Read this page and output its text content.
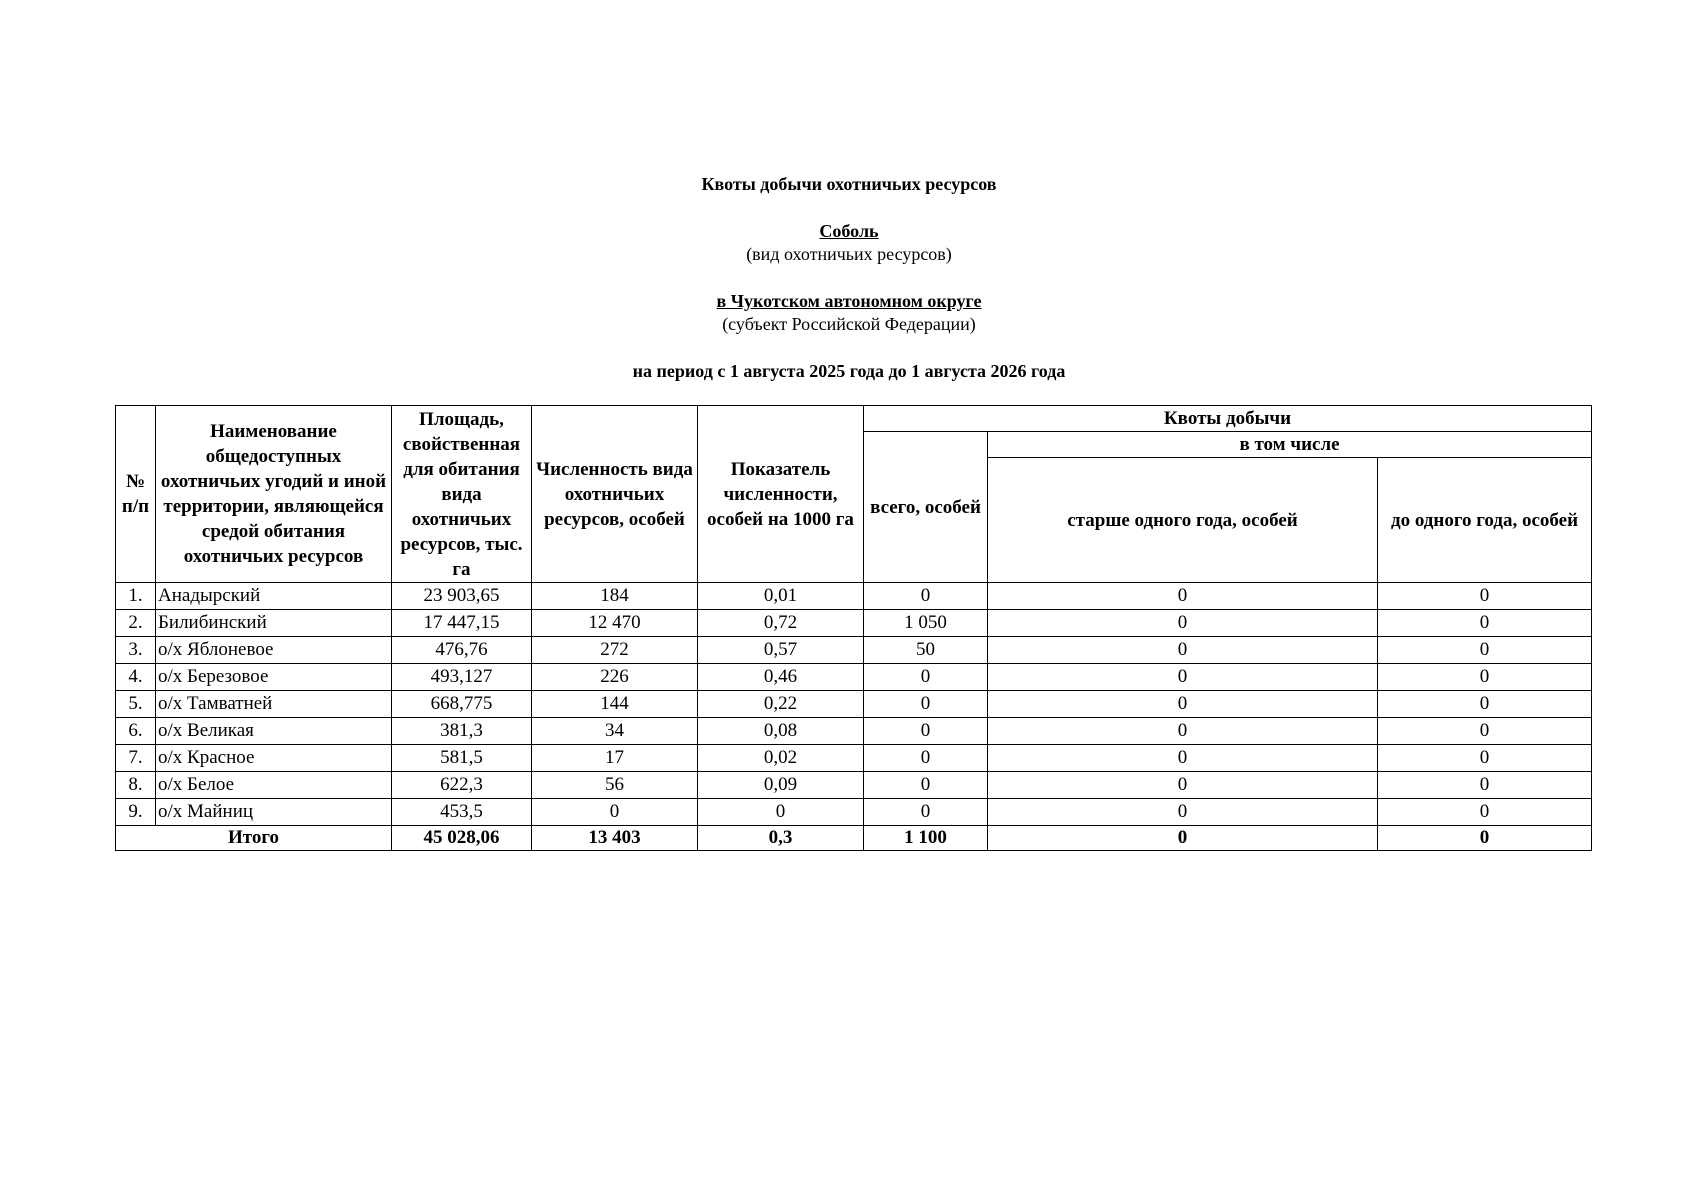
Квоты добычи охотничьих ресурсов

Соболь

(вид охотничьих ресурсов)

в Чукотском автономном округе

(субъект Российской Федерации)

на период с 1 августа 2025 года до 1 августа 2026 года

№ п/п	Наименование общедоступных охотничьих угодий и иной территории, являющейся средой обитания охотничьих ресурсов	Площадь, свойственная для обитания вида охотничьих ресурсов, тыс. га	Численность вида охотничьих ресурсов, особей	Показатель численности, особей на 1000 га	Квоты добычи		
					всего, особей	в том числе	
						старше одного года, особей	до одного года, особей
1.	Анадырский	23 903,65	184	0,01	0	0	0
2.	Билибинский	17 447,15	12 470	0,72	1 050	0	0
3.	о/х Яблоневое	476,76	272	0,57	50	0	0
4.	о/х Березовое	493,127	226	0,46	0	0	0
5.	о/х Тамватней	668,775	144	0,22	0	0	0
6.	о/х Великая	381,3	34	0,08	0	0	0
7.	о/х Красное	581,5	17	0,02	0	0	0
8.	о/х Белое	622,3	56	0,09	0	0	0
9.	о/х Майниц	453,5	0	0	0	0	0
Итого		45 028,06	13 403	0,3	1 100	0	0
